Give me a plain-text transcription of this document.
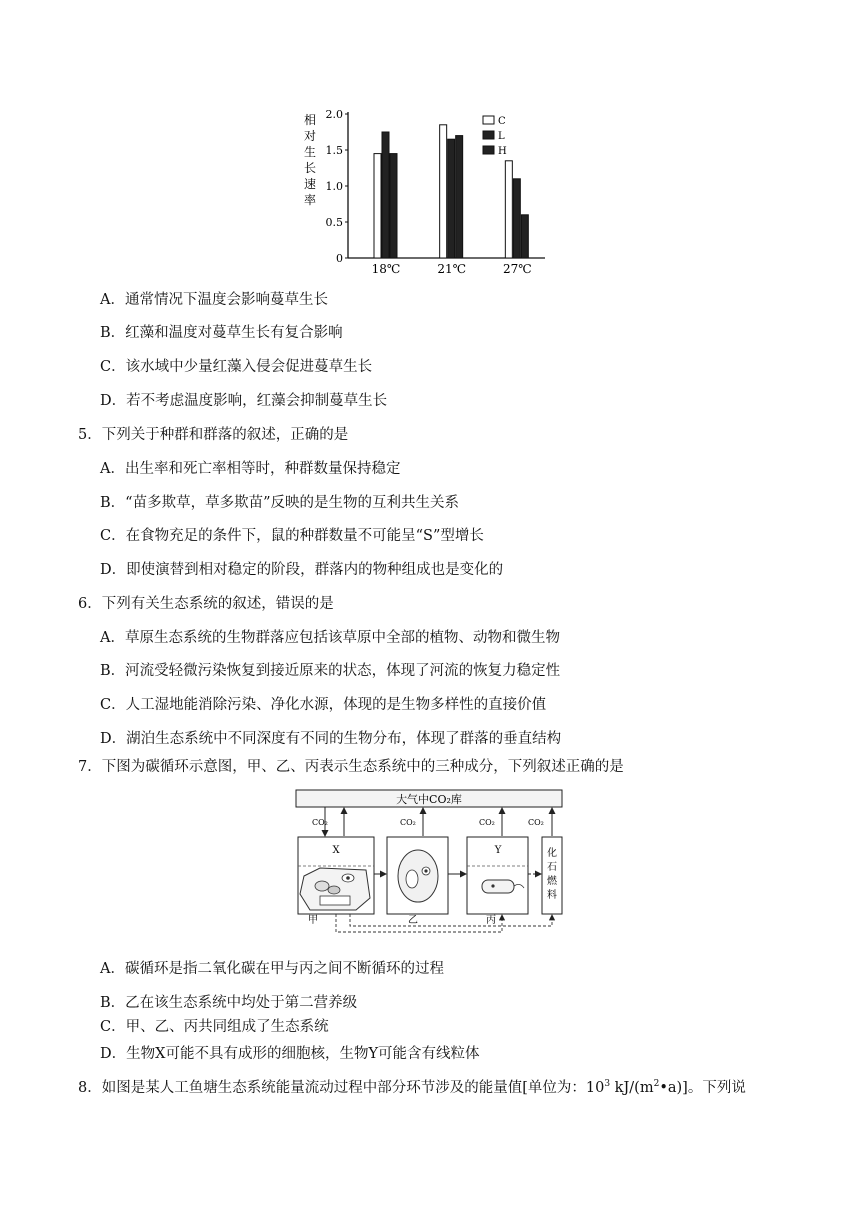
相
对
生
长
速
率
0
0.5
1.0
1.5
2.0
18℃	21℃	27℃
C
L
H
A．通常情况下温度会影响蔓草生长
B．红藻和温度对蔓草生长有复合影响
C．该水域中少量红藻入侵会促进蔓草生长
D．若不考虑温度影响，红藻会抑制蔓草生长
5．下列关于种群和群落的叙述，正确的是
A．出生率和死亡率相等时，种群数量保持稳定
B．“苗多欺草，草多欺苗”反映的是生物的互利共生关系
C．在食物充足的条件下，鼠的种群数量不可能呈“S”型增长
D．即使演替到相对稳定的阶段，群落内的物种组成也是变化的
6．下列有关生态系统的叙述，错误的是
A．草原生态系统的生物群落应包括该草原中全部的植物、动物和微生物
B．河流受轻微污染恢复到接近原来的状态，体现了河流的恢复力稳定性
C．人工湿地能消除污染、净化水源，体现的是生物多样性的直接价值
D．湖泊生态系统中不同深度有不同的生物分布，体现了群落的垂直结构
7．下图为碳循环示意图，甲、乙、丙表示生态系统中的三种成分，下列叙述正确的是
大气中CO₂库
CO₂	CO₂	CO₂	CO₂
X
甲	乙
Y
丙
化
石
燃
料
A．碳循环是指二氧化碳在甲与丙之间不断循环的过程
B．乙在该生态系统中均处于第二营养级
C．甲、乙、丙共同组成了生态系统
D．生物X可能不具有成形的细胞核，生物Y可能含有线粒体
8．如图是某人工鱼塘生态系统能量流动过程中部分环节涉及的能量值[单位为：$10^3$ $kJ/(m^2•a)$]。下列说
